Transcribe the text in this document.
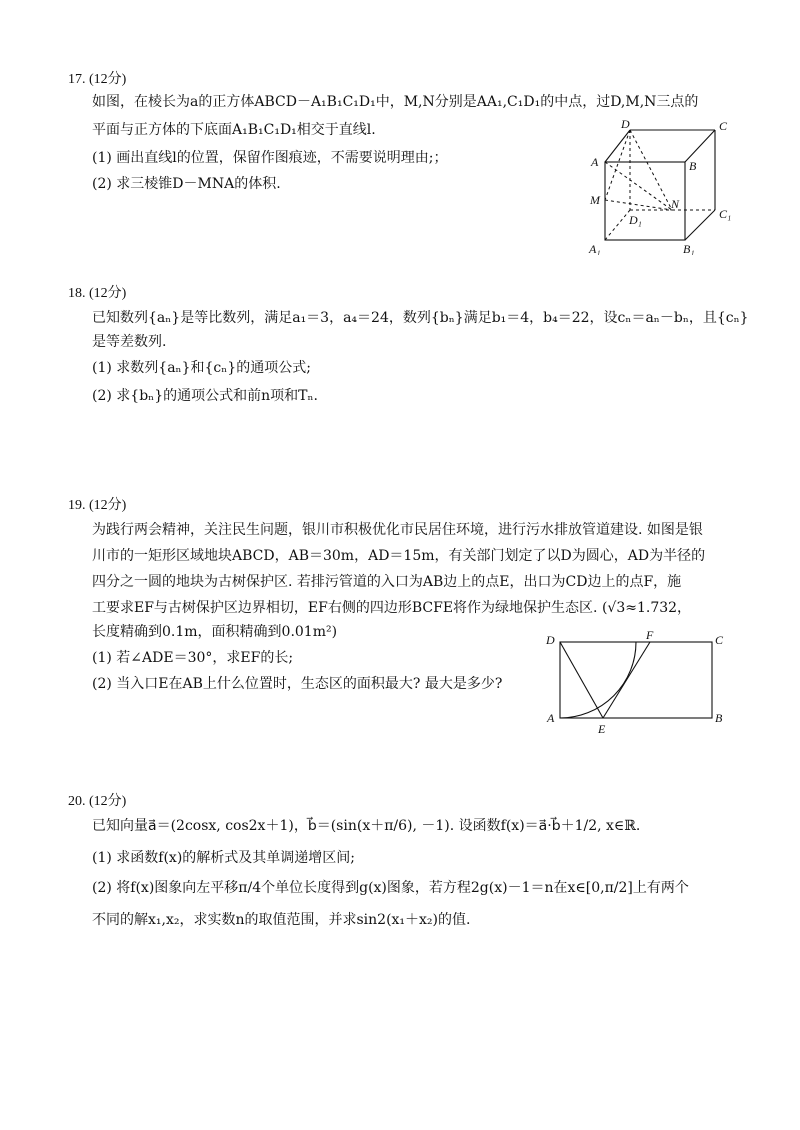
17. (12分)
如图，在棱长为a的正方体ABCD－A₁B₁C₁D₁中，M,N分别是AA₁,C₁D₁的中点，过D,M,N三点的
平面与正方体的下底面A₁B₁C₁D₁相交于直线l.
(1) 画出直线l的位置，保留作图痕迹，不需要说明理由;；
(2) 求三棱锥D－MNA的体积.
D	C
A	B
M	N
D₁	C₁
A₁	B₁
18. (12分)
已知数列{aₙ}是等比数列，满足a₁＝3，a₄＝24，数列{bₙ}满足b₁＝4，b₄＝22，设cₙ＝aₙ－bₙ，且{cₙ}
是等差数列.
(1) 求数列{aₙ}和{cₙ}的通项公式;
(2) 求{bₙ}的通项公式和前n项和Tₙ.
19. (12分)
为践行两会精神，关注民生问题，银川市积极优化市民居住环境，进行污水排放管道建设. 如图是银
川市的一矩形区域地块ABCD，AB＝30m，AD＝15m，有关部门划定了以D为圆心，AD为半径的
四分之一圆的地块为古树保护区. 若排污管道的入口为AB边上的点E，出口为CD边上的点F，施
工要求EF与古树保护区边界相切，EF右侧的四边形BCFE将作为绿地保护生态区. (√3≈1.732，
长度精确到0.1m，面积精确到0.01m²)
(1) 若∠ADE＝30°，求EF的长;
(2) 当入口E在AB上什么位置时，生态区的面积最大? 最大是多少?
D	F	C
A
E
B
20. (12分)
已知向量a⃗＝(2cosx, cos2x＋1)，b⃗＝(sin(x＋π/6), －1). 设函数f(x)＝a⃗·b⃗＋1/2, x∈ℝ.
(1) 求函数f(x)的解析式及其单调递增区间;
(2) 将f(x)图象向左平移π/4个单位长度得到g(x)图象，若方程2g(x)－1＝n在x∈[0,π/2]上有两个
不同的解x₁,x₂，求实数n的取值范围，并求sin2(x₁＋x₂)的值.
